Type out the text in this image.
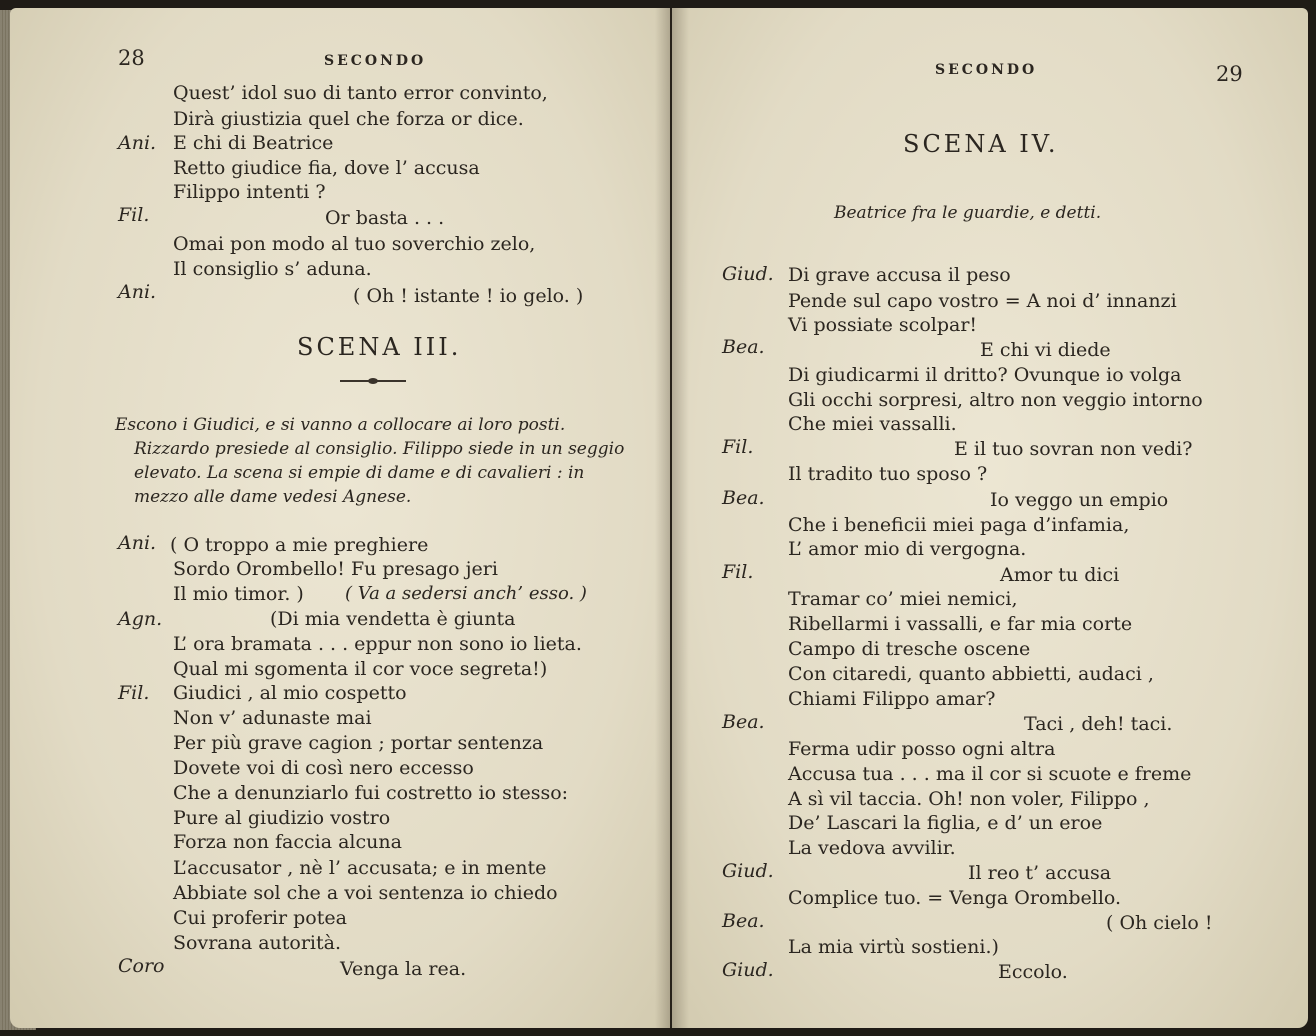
28	SECONDO
Quest’ idol suo di tanto error convinto,
Dirà giustizia quel che forza or dice.
Ani. E chi di Beatrice
Retto giudice fia, dove l’ accusa
Filippo intenti ?
Fil.	Or basta . . .
Omai pon modo al tuo soverchio zelo,
Il consiglio s’ aduna.
Ani.	( Oh ! istante ! io gelo. )
SCENA III.
Escono i Giudici, e si vanno a collocare ai loro posti.
Rizzardo presiede al consiglio. Filippo siede in un seggio
elevato. La scena si empie di dame e di cavalieri : in
mezzo alle dame vedesi Agnese.
Ani. ( O troppo a mie preghiere
Sordo Orombello! Fu presago jeri
Il mio timor. ) ( Va a sedersi anch’ esso. )
Agn.	(Di mia vendetta è giunta
L’ ora bramata . . . eppur non sono io lieta.
Qual mi sgomenta il cor voce segreta!)
Fil. Giudici , al mio cospetto
Non v’ adunaste mai
Per più grave cagion ; portar sentenza
Dovete voi di così nero eccesso
Che a denunziarlo fui costretto io stesso:
Pure al giudizio vostro
Forza non faccia alcuna
L’accusator , nè l’ accusata; e in mente
Abbiate sol che a voi sentenza io chiedo
Cui proferir potea
Sovrana autorità.
Coro	Venga la rea.
SECONDO	29
SCENA IV.
Beatrice fra le guardie, e detti.
Giud. Di grave accusa il peso
Pende sul capo vostro = A noi d’ innanzi
Vi possiate scolpar!
Bea.	E chi vi diede
Di giudicarmi il dritto? Ovunque io volga
Gli occhi sorpresi, altro non veggio intorno
Che miei vassalli.
Fil.	E il tuo sovran non vedi?
Il tradito tuo sposo ?
Bea.	Io veggo un empio
Che i beneficii miei paga d’infamia,
L’ amor mio di vergogna.
Fil.	Amor tu dici
Tramar co’ miei nemici,
Ribellarmi i vassalli, e far mia corte
Campo di tresche oscene
Con citaredi, quanto abbietti, audaci ,
Chiami Filippo amar?
Bea.	Taci , deh! taci.
Ferma udir posso ogni altra
Accusa tua . . . ma il cor si scuote e freme
A sì vil taccia. Oh! non voler, Filippo ,
De’ Lascari la figlia, e d’ un eroe
La vedova avvilir.
Giud.	Il reo t’ accusa
Complice tuo. = Venga Orombello.
Bea.	( Oh cielo !
La mia virtù sostieni.)
Giud.	Eccolo.
